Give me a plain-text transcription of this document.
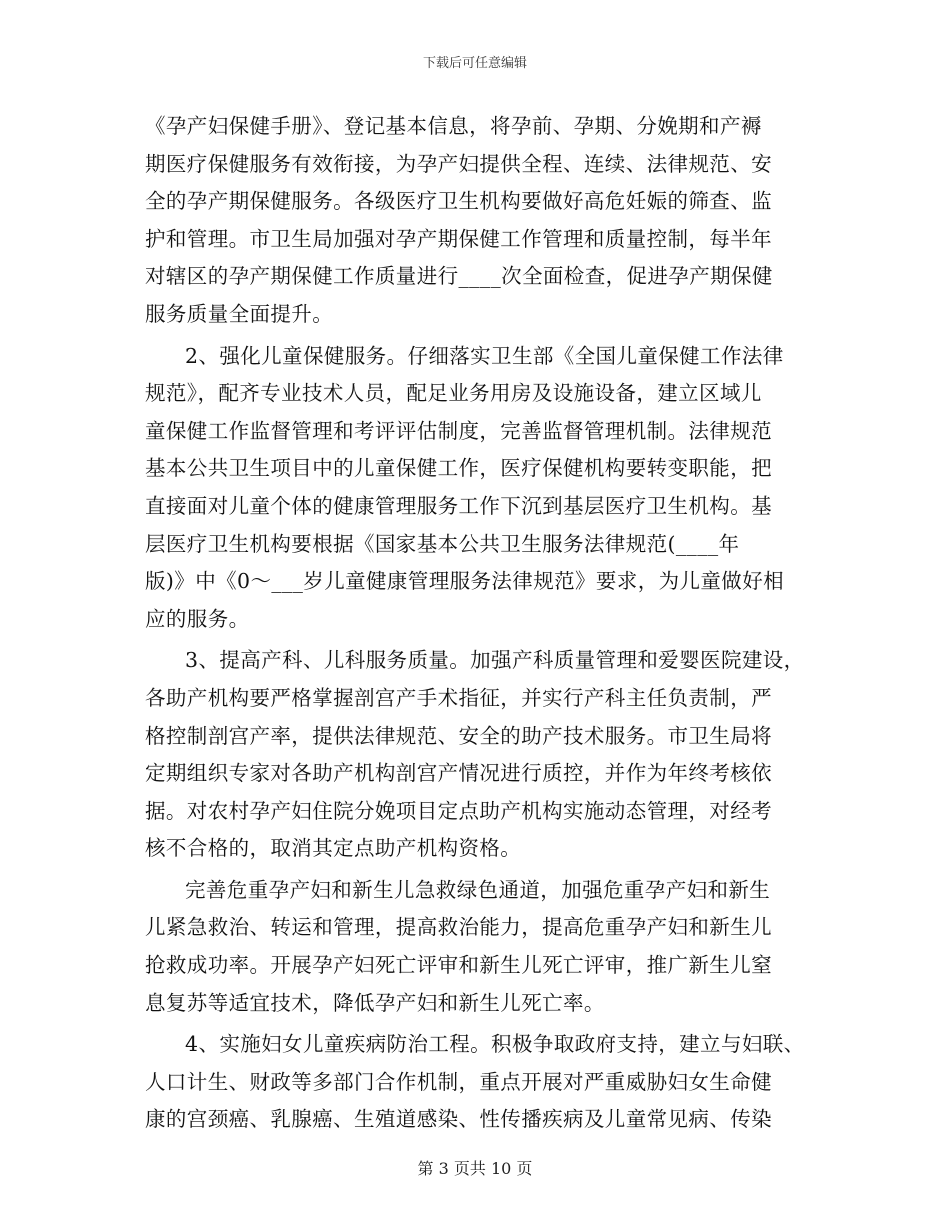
下载后可任意编辑
《孕产妇保健手册》、登记基本信息，将孕前、孕期、分娩期和产褥
期医疗保健服务有效衔接，为孕产妇提供全程、连续、法律规范、安
全的孕产期保健服务。各级医疗卫生机构要做好高危妊娠的筛查、监
护和管理。市卫生局加强对孕产期保健工作管理和质量控制，每半年
对辖区的孕产期保健工作质量进行____次全面检查，促进孕产期保健
服务质量全面提升。
2、强化儿童保健服务。仔细落实卫生部《全国儿童保健工作法律
规范》，配齐专业技术人员，配足业务用房及设施设备，建立区域儿
童保健工作监督管理和考评评估制度，完善监督管理机制。法律规范
基本公共卫生项目中的儿童保健工作，医疗保健机构要转变职能，把
直接面对儿童个体的健康管理服务工作下沉到基层医疗卫生机构。基
层医疗卫生机构要根据《国家基本公共卫生服务法律规范(____年
版)》中《0～___岁儿童健康管理服务法律规范》要求，为儿童做好相
应的服务。
3、提高产科、儿科服务质量。加强产科质量管理和爱婴医院建设，
各助产机构要严格掌握剖宫产手术指征，并实行产科主任负责制，严
格控制剖宫产率，提供法律规范、安全的助产技术服务。市卫生局将
定期组织专家对各助产机构剖宫产情况进行质控，并作为年终考核依
据。对农村孕产妇住院分娩项目定点助产机构实施动态管理，对经考
核不合格的，取消其定点助产机构资格。
完善危重孕产妇和新生儿急救绿色通道，加强危重孕产妇和新生
儿紧急救治、转运和管理，提高救治能力，提高危重孕产妇和新生儿
抢救成功率。开展孕产妇死亡评审和新生儿死亡评审，推广新生儿窒
息复苏等适宜技术，降低孕产妇和新生儿死亡率。
4、实施妇女儿童疾病防治工程。积极争取政府支持，建立与妇联、
人口计生、财政等多部门合作机制，重点开展对严重威胁妇女生命健
康的宫颈癌、乳腺癌、生殖道感染、性传播疾病及儿童常见病、传染
第 3 页共 10 页
